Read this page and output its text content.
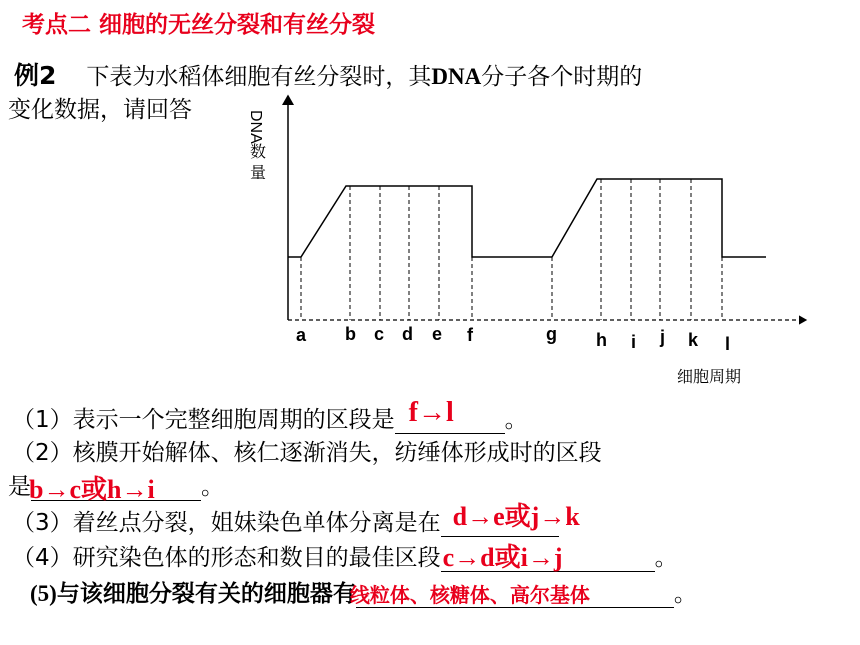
考点二 细胞的无丝分裂和有丝分裂
例2 下表为水稻体细胞有丝分裂时，其DNA分子各个时期的
变化数据，请回答	DNA
数
量
a b c d e f	g h i j k l
细胞周期
（1）表示一个完整细胞周期的区段是 f→l 。
（2）核膜开始解体、核仁逐渐消失，纺缍体形成时的区段
是
b→c或h→i 。
（3）着丝点分裂，姐妹染色单体分离是在 d→e或j→k
（4）研究染色体的形态和数目的最佳区段 c→d或i→j	。
(5)与该细胞分裂有关的细胞器有
线粒体、核糖体、高尔基体	。
